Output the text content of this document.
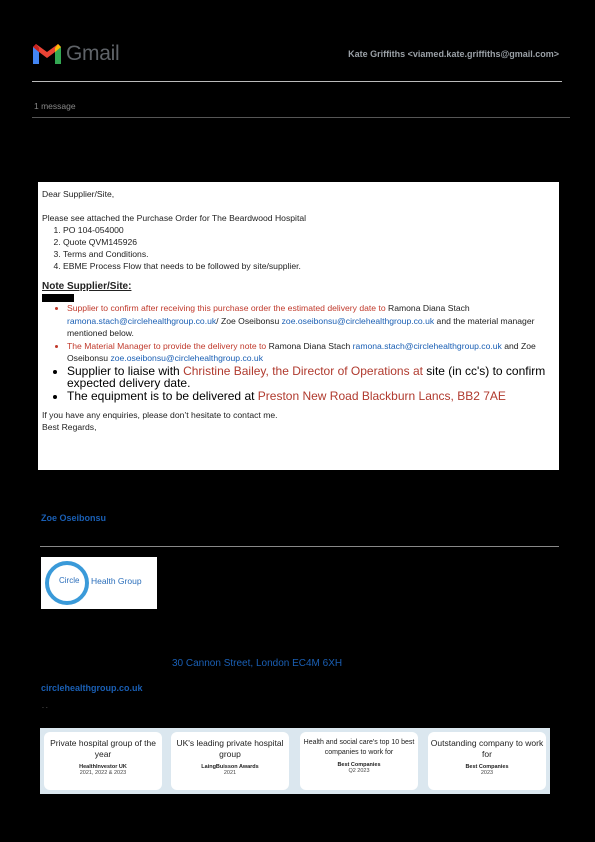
Gmail	Kate Griffiths <viamed.kate.griffiths@gmail.com>
1 message

Dear Supplier/Site,

Please see attached the Purchase Order for The Beardwood Hospital

1. PO 104-054000
2. Quote QVM145926
3. Terms and Conditions.
4. EBME Process Flow that needs to be followed by site/supplier.
Note Supplier/Site:
• Supplier to confirm after receiving this purchase order the estimated delivery date to Ramona Diana Stach ramona.stach@circlehealthgroup.co.uk/ Zoe Oseibonsu zoe.oseibonsu@circlehealthgroup.co.uk and the material manager mentioned below.
• The Material Manager to provide the delivery note to Ramona Diana Stach ramona.stach@circlehealthgroup.co.uk and Zoe Oseibonsu zoe.oseibonsu@circlehealthgroup.co.uk
• Supplier to liaise with Christine Bailey, the Director of Operations at site (in cc's) to confirm expected delivery date.
• The equipment is to be delivered at Preston New Road Blackburn Lancs, BB2 7AE

If you have any enquiries, please don’t hesitate to contact me.

Best Regards,

Zoe Oseibonsu
Circle Health Group
30 Cannon Street, London EC4M 6XH
circlehealthgroup.co.uk
. .
Private hospital group of the year
HealthInvestor UK
2021, 2022 & 2023
UK's leading private hospital group
LaingBuisson Awards
2021
Health and social care's top 10 best companies to work for
Best Companies
Q2 2023
Outstanding company to work for
Best Companies
2023
